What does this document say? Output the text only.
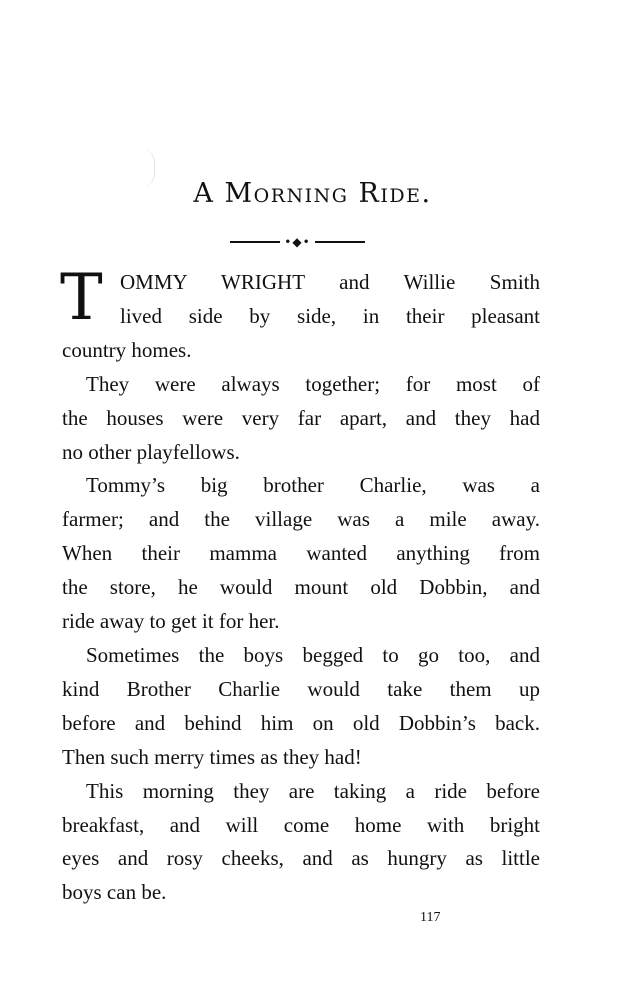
A Morning Ride.
•◆•
T OMMY WRIGHT and Willie Smith
lived side by side, in their pleasant
country homes.
They were always together; for most of
the houses were very far apart, and they had
no other playfellows.
Tommy’s big brother Charlie, was a
farmer; and the village was a mile away.
When their mamma wanted anything from
the store, he would mount old Dobbin, and
ride away to get it for her.
Sometimes the boys begged to go too, and
kind Brother Charlie would take them up
before and behind him on old Dobbin’s back.
Then such merry times as they had!
This morning they are taking a ride before
breakfast, and will come home with bright
eyes and rosy cheeks, and as hungry as little
boys can be.
117
